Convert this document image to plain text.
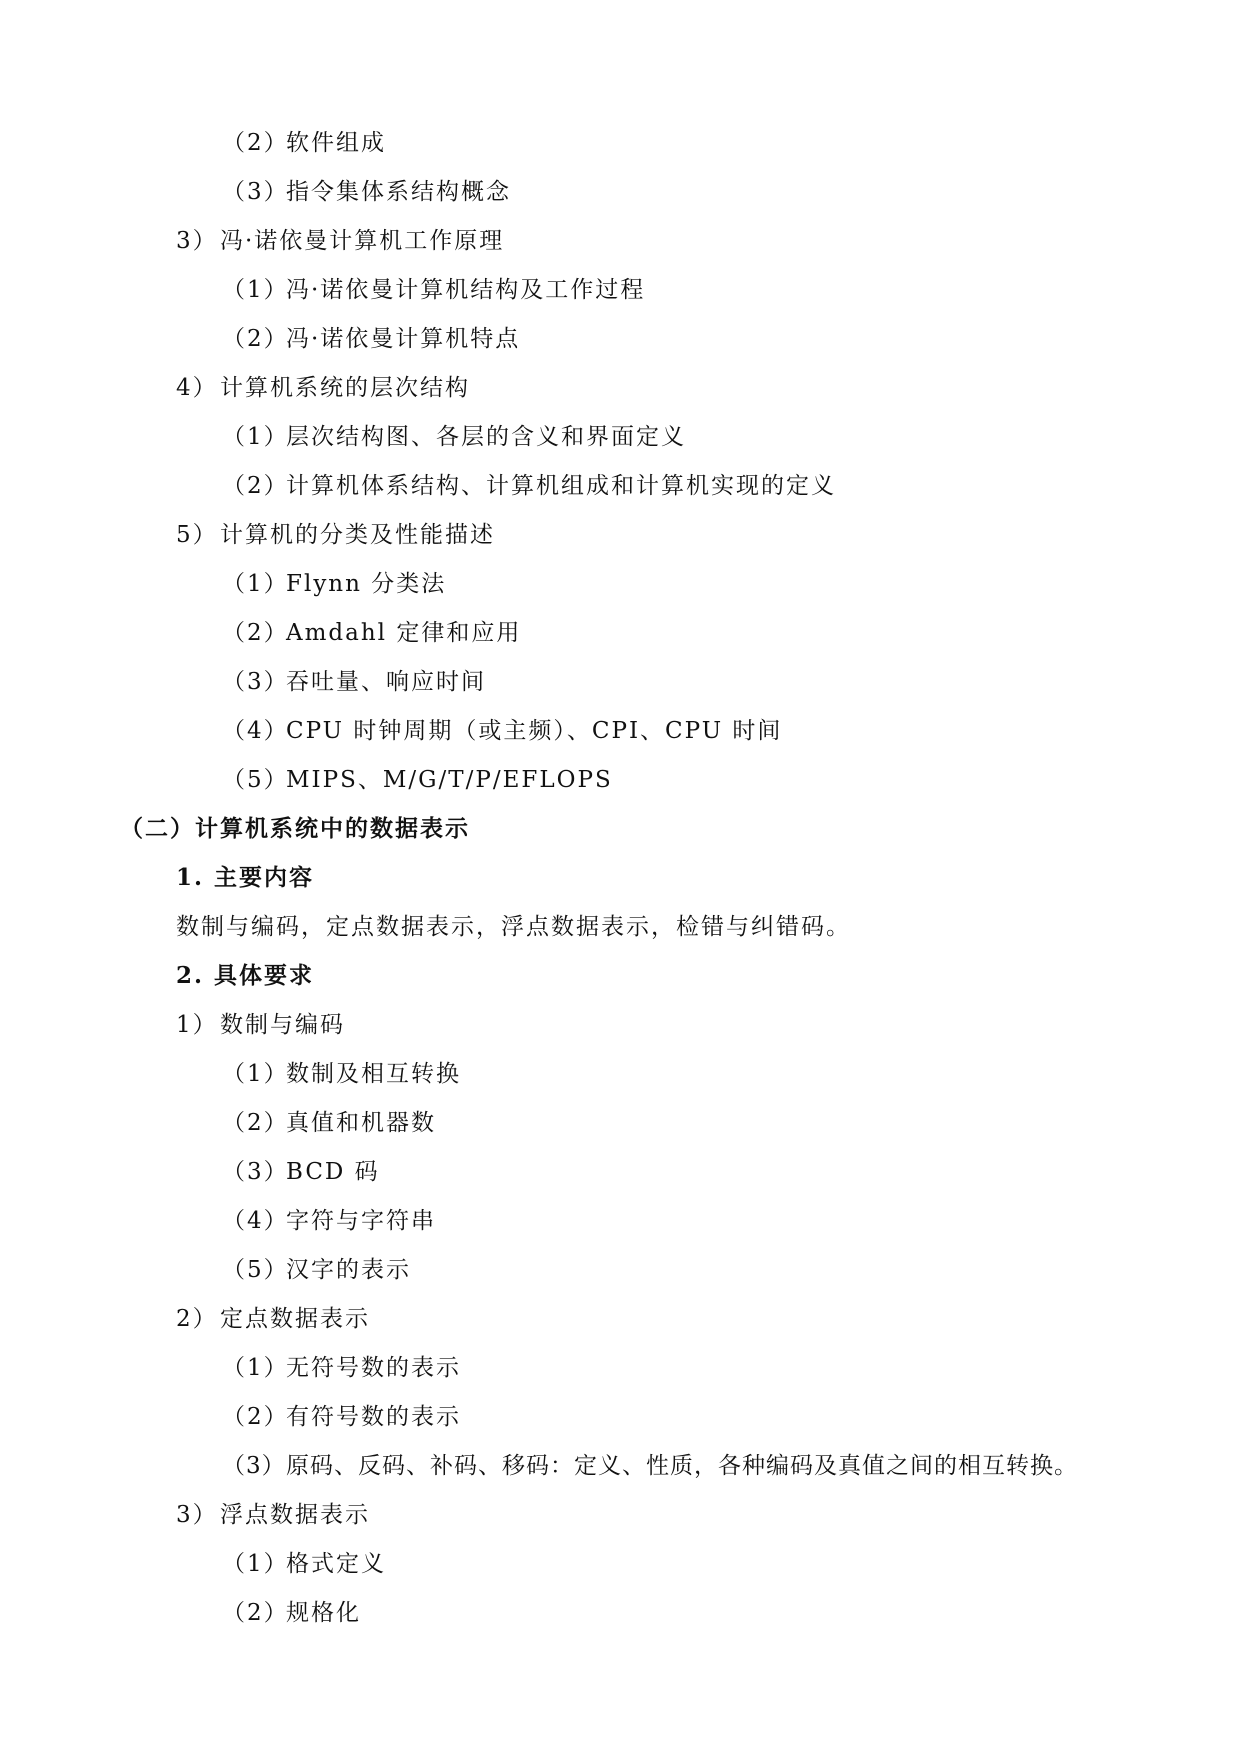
（2）软件组成
（3）指令集体系结构概念
3） 冯·诺依曼计算机工作原理
（1）冯·诺依曼计算机结构及工作过程
（2）冯·诺依曼计算机特点
4） 计算机系统的层次结构
（1）层次结构图、各层的含义和界面定义
（2）计算机体系结构、计算机组成和计算机实现的定义
5） 计算机的分类及性能描述
（1）Flynn 分类法
（2）Amdahl 定律和应用
（3）吞吐量、响应时间
（4）CPU 时钟周期（或主频）、CPI、CPU 时间
（5）MIPS、M/G/T/P/EFLOPS
（二）计算机系统中的数据表示
1. 主要内容
数制与编码，定点数据表示，浮点数据表示，检错与纠错码。
2. 具体要求
1） 数制与编码
（1）数制及相互转换
（2）真值和机器数
（3）BCD 码
（4）字符与字符串
（5）汉字的表示
2） 定点数据表示
（1）无符号数的表示
（2）有符号数的表示
（3）原码、反码、补码、移码：定义、性质，各种编码及真值之间的相互转换。
3） 浮点数据表示
（1）格式定义
（2）规格化
